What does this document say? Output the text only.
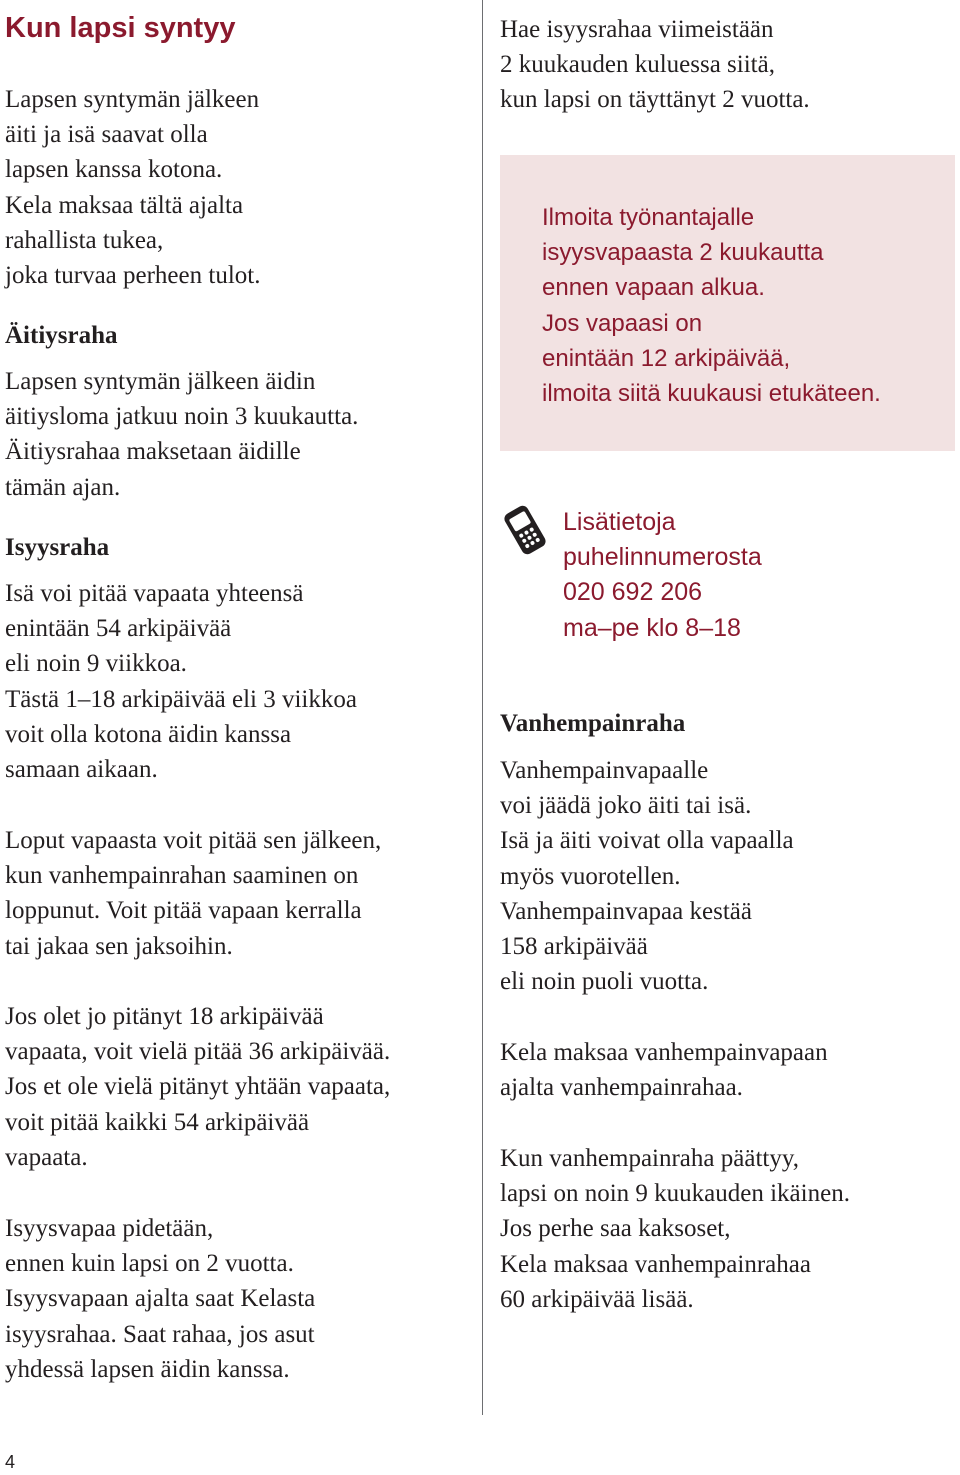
Kun lapsi syntyy

Lapsen syntymän jälkeen
äiti ja isä saavat olla
lapsen kanssa kotona.
Kela maksaa tältä ajalta
rahallista tukea,
joka turvaa perheen tulot.

Äitiysraha

Lapsen syntymän jälkeen äidin
äitiysloma jatkuu noin 3 kuukautta.
Äitiysrahaa maksetaan äidille
tämän ajan.

Isyysraha

Isä voi pitää vapaata yhteensä
enintään 54 arkipäivää
eli noin 9 viikkoa.
Tästä 1–18 arkipäivää eli 3 viikkoa
voit olla kotona äidin kanssa
samaan aikaan.

Loput vapaasta voit pitää sen jälkeen,
kun vanhempainrahan saaminen on
loppunut. Voit pitää vapaan kerralla
tai jakaa sen jaksoihin.

Jos olet jo pitänyt 18 arkipäivää
vapaata, voit vielä pitää 36 arkipäivää.
Jos et ole vielä pitänyt yhtään vapaata,
voit pitää kaikki 54 arkipäivää
vapaata.

Isyysvapaa pidetään,
ennen kuin lapsi on 2 vuotta.
Isyysvapaan ajalta saat Kelasta
isyysrahaa. Saat rahaa, jos asut
yhdessä lapsen äidin kanssa.

Hae isyysrahaa viimeistään
2 kuukauden kuluessa siitä,
kun lapsi on täyttänyt 2 vuotta.

Ilmoita työnantajalle
isyysvapaasta 2 kuukautta
ennen vapaan alkua.
Jos vapaasi on
enintään 12 arkipäivää,
ilmoita siitä kuukausi etukäteen.

Lisätietoja
puhelinnumerosta
020 692 206
ma–pe klo 8–18

Vanhempainraha

Vanhempainvapaalle
voi jäädä joko äiti tai isä.
Isä ja äiti voivat olla vapaalla
myös vuorotellen.
Vanhempainvapaa kestää
158 arkipäivää
eli noin puoli vuotta.

Kela maksaa vanhempainvapaan
ajalta vanhempainrahaa.

Kun vanhempainraha päättyy,
lapsi on noin 9 kuukauden ikäinen.
Jos perhe saa kaksoset,
Kela maksaa vanhempainrahaa
60 arkipäivää lisää.

4
